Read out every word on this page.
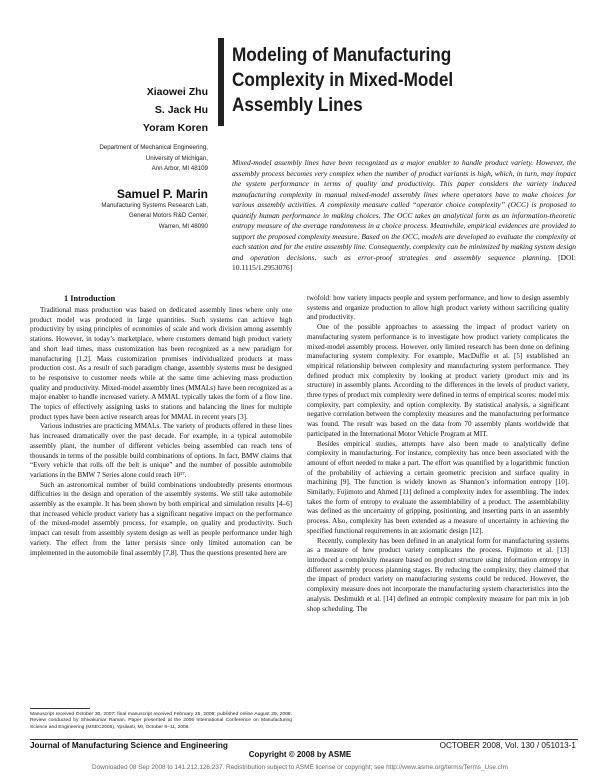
Modeling of Manufacturing
Complexity in Mixed-Model
Assembly Lines
Xiaowei Zhu
S. Jack Hu
Yoram Koren
Department of Mechanical Engineering,
University of Michigan,
Ann Arbor, MI 48109
Samuel P. Marin
Manufacturing Systems Research Lab,
General Motors R&D Center,
Warren, MI 48090
Mixed-model assembly lines have been recognized as a major enabler to handle product variety. However, the assembly process becomes very complex when the number of product variants is high, which, in turn, may impact the system performance in terms of quality and productivity. This paper considers the variety induced manufacturing complexity in manual mixed-model assembly lines where operators have to make choices for various assembly activities. A complexity measure called “operator choice complexity” (OCC) is proposed to quantify human performance in making choices. The OCC takes an analytical form as an information-theoretic entropy measure of the average randomness in a choice process. Meanwhile, empirical evidences are provided to support the proposed complexity measure. Based on the OCC, models are developed to evaluate the complexity at each station and for the entire assembly line. Consequently, complexity can be minimized by making system design and operation decisions, such as error-proof strategies and assembly sequence planning. [DOI: 10.1115/1.2953076]
1 Introduction

Traditional mass production was based on dedicated assembly lines where only one product model was produced in large quantities. Such systems can achieve high productivity by using principles of economies of scale and work division among assembly stations. However, in today’s marketplace, where customers demand high product variety and short lead times, mass customization has been recognized as a new paradigm for manufacturing [1,2]. Mass customization promises individualized products at mass production cost. As a result of such paradigm change, assembly systems must be designed to be responsive to customer needs while at the same time achieving mass production quality and productivity. Mixed-model assembly lines (MMALs) have been recognized as a major enabler to handle increased variety. A MMAL typically takes the form of a flow line. The topics of effectively assigning tasks to stations and balancing the lines for multiple product types have been active research areas for MMAL in recent years [3].

Various industries are practicing MMALs. The variety of products offered in these lines has increased dramatically over the past decade. For example, in a typical automobile assembly plant, the number of different vehicles being assembled can reach tens of thousands in terms of the possible build combinations of options. In fact, BMW claims that “Every vehicle that rolls off the belt is unique” and the number of possible automobile variations in the BMW 7 Series alone could reach 10¹⁷.

Such an astronomical number of build combinations undoubtedly presents enormous difficulties in the design and operation of the assembly systems. We still take automobile assembly as the example. It has been shown by both empirical and simulation results [4–6] that increased vehicle product variety has a significant negative impact on the performance of the mixed-model assembly process, for example, on quality and productivity. Such impact can result from assembly system design as well as people performance under high variety. The effect from the latter persists since only limited automation can be implemented in the automobile final assembly [7,8]. Thus the questions presented here are

twofold: how variety impacts people and system performance, and how to design assembly systems and organize production to allow high product variety without sacrificing quality and productivity.

One of the possible approaches to assessing the impact of product variety on manufacturing system performance is to investigate how product variety complicates the mixed-model assembly process. However, only limited research has been done on defining manufacturing system complexity. For example, MacDuffie et al. [5] established an empirical relationship between complexity and manufacturing system performance. They defined product mix complexity by looking at product variety (product mix and its structure) in assembly plants. According to the differences in the levels of product variety, three types of product mix complexity were defined in terms of empirical scores: model mix complexity, part complexity, and option complexity. By statistical analysis, a significant negative correlation between the complexity measures and the manufacturing performance was found. The result was based on the data from 70 assembly plants worldwide that participated in the International Motor Vehicle Program at MIT.

Besides empirical studies, attempts have also been made to analytically define complexity in manufacturing. For instance, complexity has once been associated with the amount of effort needed to make a part. The effort was quantified by a logarithmic function of the probability of achieving a certain geometric precision and surface quality in machining [9]. The function is widely known as Shannon’s information entropy [10]. Similarly, Fujimoto and Ahmed [11] defined a complexity index for assembling. The index takes the form of entropy to evaluate the assemblability of a product. The assemblability was defined as the uncertainty of gripping, positioning, and inserting parts in an assembly process. Also, complexity has been extended as a measure of uncertainty in achieving the specified functional requirements in an axiomatic design [12].

Recently, complexity has been defined in an analytical form for manufacturing systems as a measure of how product variety complicates the process. Fujimoto et al. [13] introduced a complexity measure based on product structure using information entropy in different assembly process planning stages. By reducing the complexity, they claimed that the impact of product variety on manufacturing systems could be reduced. However, the complexity measure does not incorporate the manufacturing system characteristics into the analysis. Deshmukh et al. [14] defined an entropic complexity measure for part mix in job shop scheduling. The

Manuscript received October 30, 2007; final manuscript received February 25, 2008; published online August 29, 2008. Review conducted by Shivakumar Raman. Paper presented at the 2006 International Conference on Manufacturing Science and Engineering (MSEC2006), Ypsilanti, MI, October 8–11, 2006.
Journal of Manufacturing Science and Engineering	OCTOBER 2008, Vol. 130 / 051013-1
Copyright © 2008 by ASME
Downloaded 08 Sep 2008 to 141.212.126.237. Redistribution subject to ASME license or copyright; see http://www.asme.org/terms/Terms_Use.cfm
